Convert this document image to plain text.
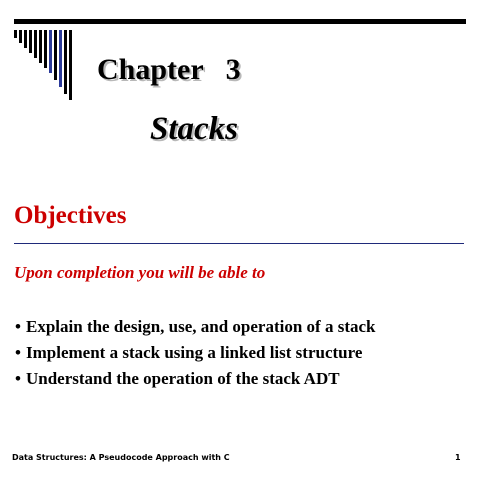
Chapter   3
Stacks
Objectives

Upon completion you will be able to

• Explain the design, use, and operation of a stack
• Implement a stack using a linked list structure
• Understand the operation of the stack ADT

Data Structures: A Pseudocode Approach with C	1
